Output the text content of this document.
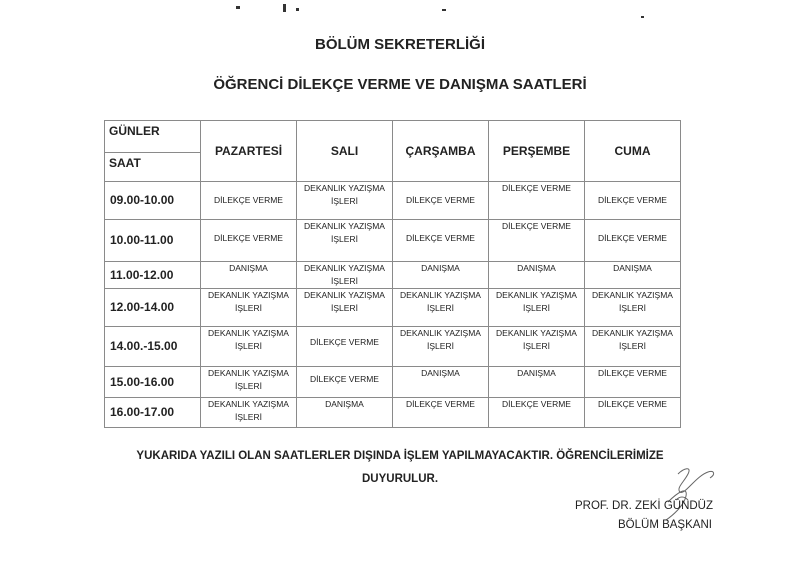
BÖLÜM SEKRETERLİĞİ
ÖĞRENCİ DİLEKÇE VERME VE DANIŞMA SAATLERİ
GÜNLER
SAAT	PAZARTESİ	SALI	ÇARŞAMBA	PERŞEMBE	CUMA
09.00-10.00	DİLEKÇE VERME	DEKANLIK YAZIŞMA İŞLERİ	DİLEKÇE VERME	DİLEKÇE VERME	DİLEKÇE VERME
10.00-11.00	DİLEKÇE VERME	DEKANLIK YAZIŞMA İŞLERİ	DİLEKÇE VERME	DİLEKÇE VERME	DİLEKÇE VERME
11.00-12.00	DANIŞMA	DEKANLIK YAZIŞMA İŞLERİ	DANIŞMA	DANIŞMA	DANIŞMA
12.00-14.00	DEKANLIK YAZIŞMA İŞLERİ	DEKANLIK YAZIŞMA İŞLERİ	DEKANLIK YAZIŞMA İŞLERİ	DEKANLIK YAZIŞMA İŞLERİ	DEKANLIK YAZIŞMA İŞLERİ
14.00.-15.00	DEKANLIK YAZIŞMA İŞLERİ	DİLEKÇE VERME	DEKANLIK YAZIŞMA İŞLERİ	DEKANLIK YAZIŞMA İŞLERİ	DEKANLIK YAZIŞMA İŞLERİ
15.00-16.00	DEKANLIK YAZIŞMA İŞLERİ	DİLEKÇE VERME	DANIŞMA	DANIŞMA	DİLEKÇE VERME
16.00-17.00	DEKANLIK YAZIŞMA İŞLERİ	DANIŞMA	DİLEKÇE VERME	DİLEKÇE VERME	DİLEKÇE VERME
YUKARIDA YAZILI OLAN SAATLERLER DIŞINDA İŞLEM YAPILMAYACAKTIR. ÖĞRENCİLERİMİZE DUYURULUR.
PROF. DR. ZEKİ GÜNDÜZ
BÖLÜM BAŞKANI
